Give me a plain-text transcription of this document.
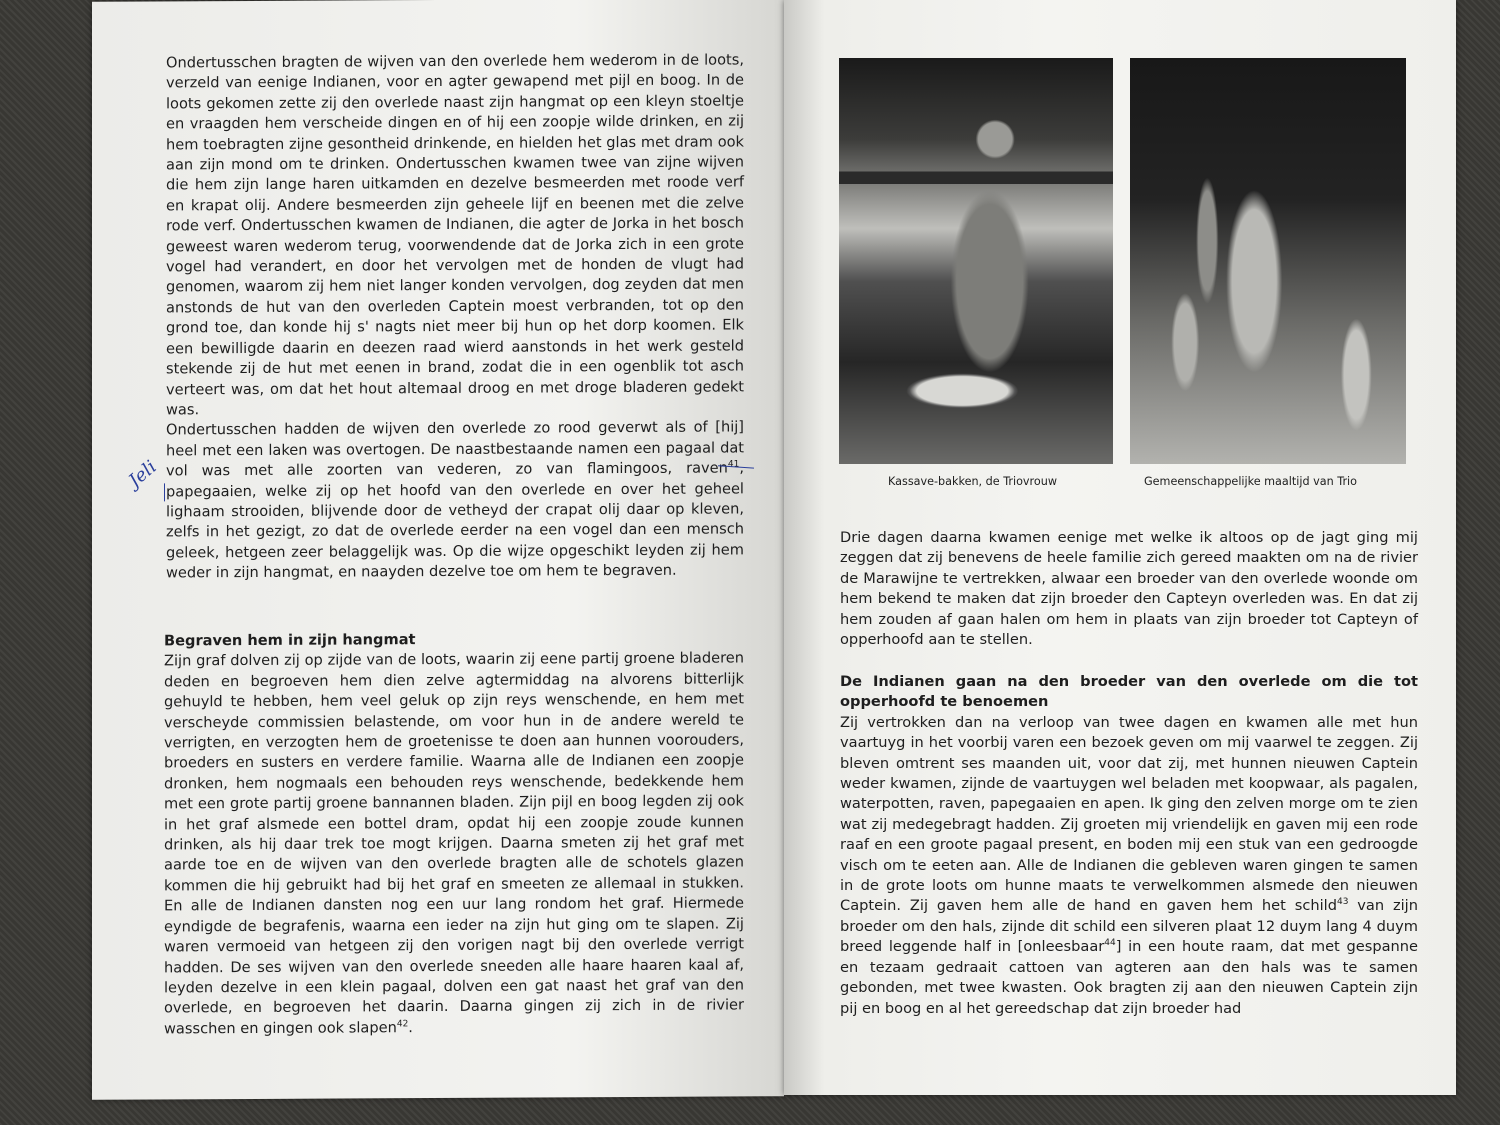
Ondertusschen bragten de wijven van den overlede hem wederom in de loots, verzeld van eenige Indianen, voor en agter gewapend met pijl en boog. In de loots gekomen zette zij den overlede naast zijn hangmat op een kleyn stoeltje en vraagden hem verscheide dingen en of hij een zoopje wilde drinken, en zij hem toebragten zijne gesontheid drinkende, en hielden het glas met dram ook aan zijn mond om te drinken. Ondertusschen kwamen twee van zijne wijven die hem zijn lange haren uitkamden en dezelve besmeerden met roode verf en krapat olij. Andere besmeerden zijn geheele lijf en beenen met die zelve rode verf. Ondertusschen kwamen de Indianen, die agter de Jorka in het bosch geweest waren wederom terug, voorwendende dat de Jorka zich in een grote vogel had verandert, en door het vervolgen met de honden de vlugt had genomen, waarom zij hem niet langer konden vervolgen, dog zeyden dat men anstonds de hut van den overleden Captein moest verbranden, tot op den grond toe, dan konde hij s' nagts niet meer bij hun op het dorp koomen. Elk een bewilligde daarin en deezen raad wierd aanstonds in het werk gesteld stekende zij de hut met eenen in brand, zodat die in een ogenblik tot asch verteert was, om dat het hout altemaal droog en met droge bladeren gedekt was.

Ondertusschen hadden de wijven den overlede zo rood geverwt als of [hij] heel met een laken was overtogen. De naastbestaande namen een pagaal dat vol was met alle zoorten van vederen, zo van flamingoos, raven$^{41}$, papegaaien, welke zij op het hoofd van den overlede en over het geheel lighaam strooiden, blijvende door de vetheyd der crapat olij daar op kleven, zelfs in het gezigt, zo dat de overlede eerder na een vogel dan een mensch geleek, hetgeen zeer belaggelijk was. Op die wijze opgeschikt leyden zij hem weder in zijn hangmat, en naayden dezelve toe om hem te begraven.

Begraven hem in zijn hangmat

Zijn graf dolven zij op zijde van de loots, waarin zij eene partij groene bladeren deden en begroeven hem dien zelve agtermiddag na alvorens bitterlijk gehuyld te hebben, hem veel geluk op zijn reys wenschende, en hem met verscheyde commissien belastende, om voor hun in de andere wereld te verrigten, en verzogten hem de groetenisse te doen aan hunnen voorouders, broeders en susters en verdere familie. Waarna alle de Indianen een zoopje dronken, hem nogmaals een behouden reys wenschende, bedekkende hem met een grote partij groene bannannen bladen. Zijn pijl en boog legden zij ook in het graf alsmede een bottel dram, opdat hij een zoopje zoude kunnen drinken, als hij daar trek toe mogt krijgen. Daarna smeten zij het graf met aarde toe en de wijven van den overlede bragten alle de schotels glazen kommen die hij gebruikt had bij het graf en smeeten ze allemaal in stukken. En alle de Indianen dansten nog een uur lang rondom het graf. Hiermede eyndigde de begrafenis, waarna een ieder na zijn hut ging om te slapen. Zij waren vermoeid van hetgeen zij den vorigen nagt bij den overlede verrigt hadden. De ses wijven van den overlede sneeden alle haare haaren kaal af, leyden dezelve in een klein pagaal, dolven een gat naast het graf van den overlede, en begroeven het daarin. Daarna gingen zij zich in de rivier wasschen en gingen ook slapen$^{42}$.

Jeli	Kassave-bakken, de Triovrouw	Gemeenschappelijke maaltijd van Trio

Drie dagen daarna kwamen eenige met welke ik altoos op de jagt ging mij zeggen dat zij benevens de heele familie zich gereed maakten om na de rivier de Marawijne te vertrekken, alwaar een broeder van den overlede woonde om hem bekend te maken dat zijn broeder den Capteyn overleden was. En dat zij hem zouden af gaan halen om hem in plaats van zijn broeder tot Capteyn of opperhoofd aan te stellen.

De Indianen gaan na den broeder van den overlede om die tot opperhoofd te benoemen

Zij vertrokken dan na verloop van twee dagen en kwamen alle met hun vaartuyg in het voorbij varen een bezoek geven om mij vaarwel te zeggen. Zij bleven omtrent ses maanden uit, voor dat zij, met hunnen nieuwen Captein weder kwamen, zijnde de vaartuygen wel beladen met koopwaar, als pagalen, waterpotten, raven, papegaaien en apen. Ik ging den zelven morge om te zien wat zij medegebragt hadden. Zij groeten mij vriendelijk en gaven mij een rode raaf en een groote pagaal present, en boden mij een stuk van een gedroogde visch om te eeten aan. Alle de Indianen die gebleven waren gingen te samen in de grote loots om hunne maats te verwelkommen alsmede den nieuwen Captein. Zij gaven hem alle de hand en gaven hem het schild$^{43}$ van zijn broeder om den hals, zijnde dit schild een silveren plaat 12 duym lang 4 duym breed leggende half in [onleesbaar$^{44}$] in een houte raam, dat met gespanne en tezaam gedraait cattoen van agteren aan den hals was te samen gebonden, met twee kwasten. Ook bragten zij aan den nieuwen Captein zijn pij en boog en al het gereedschap dat zijn broeder had
